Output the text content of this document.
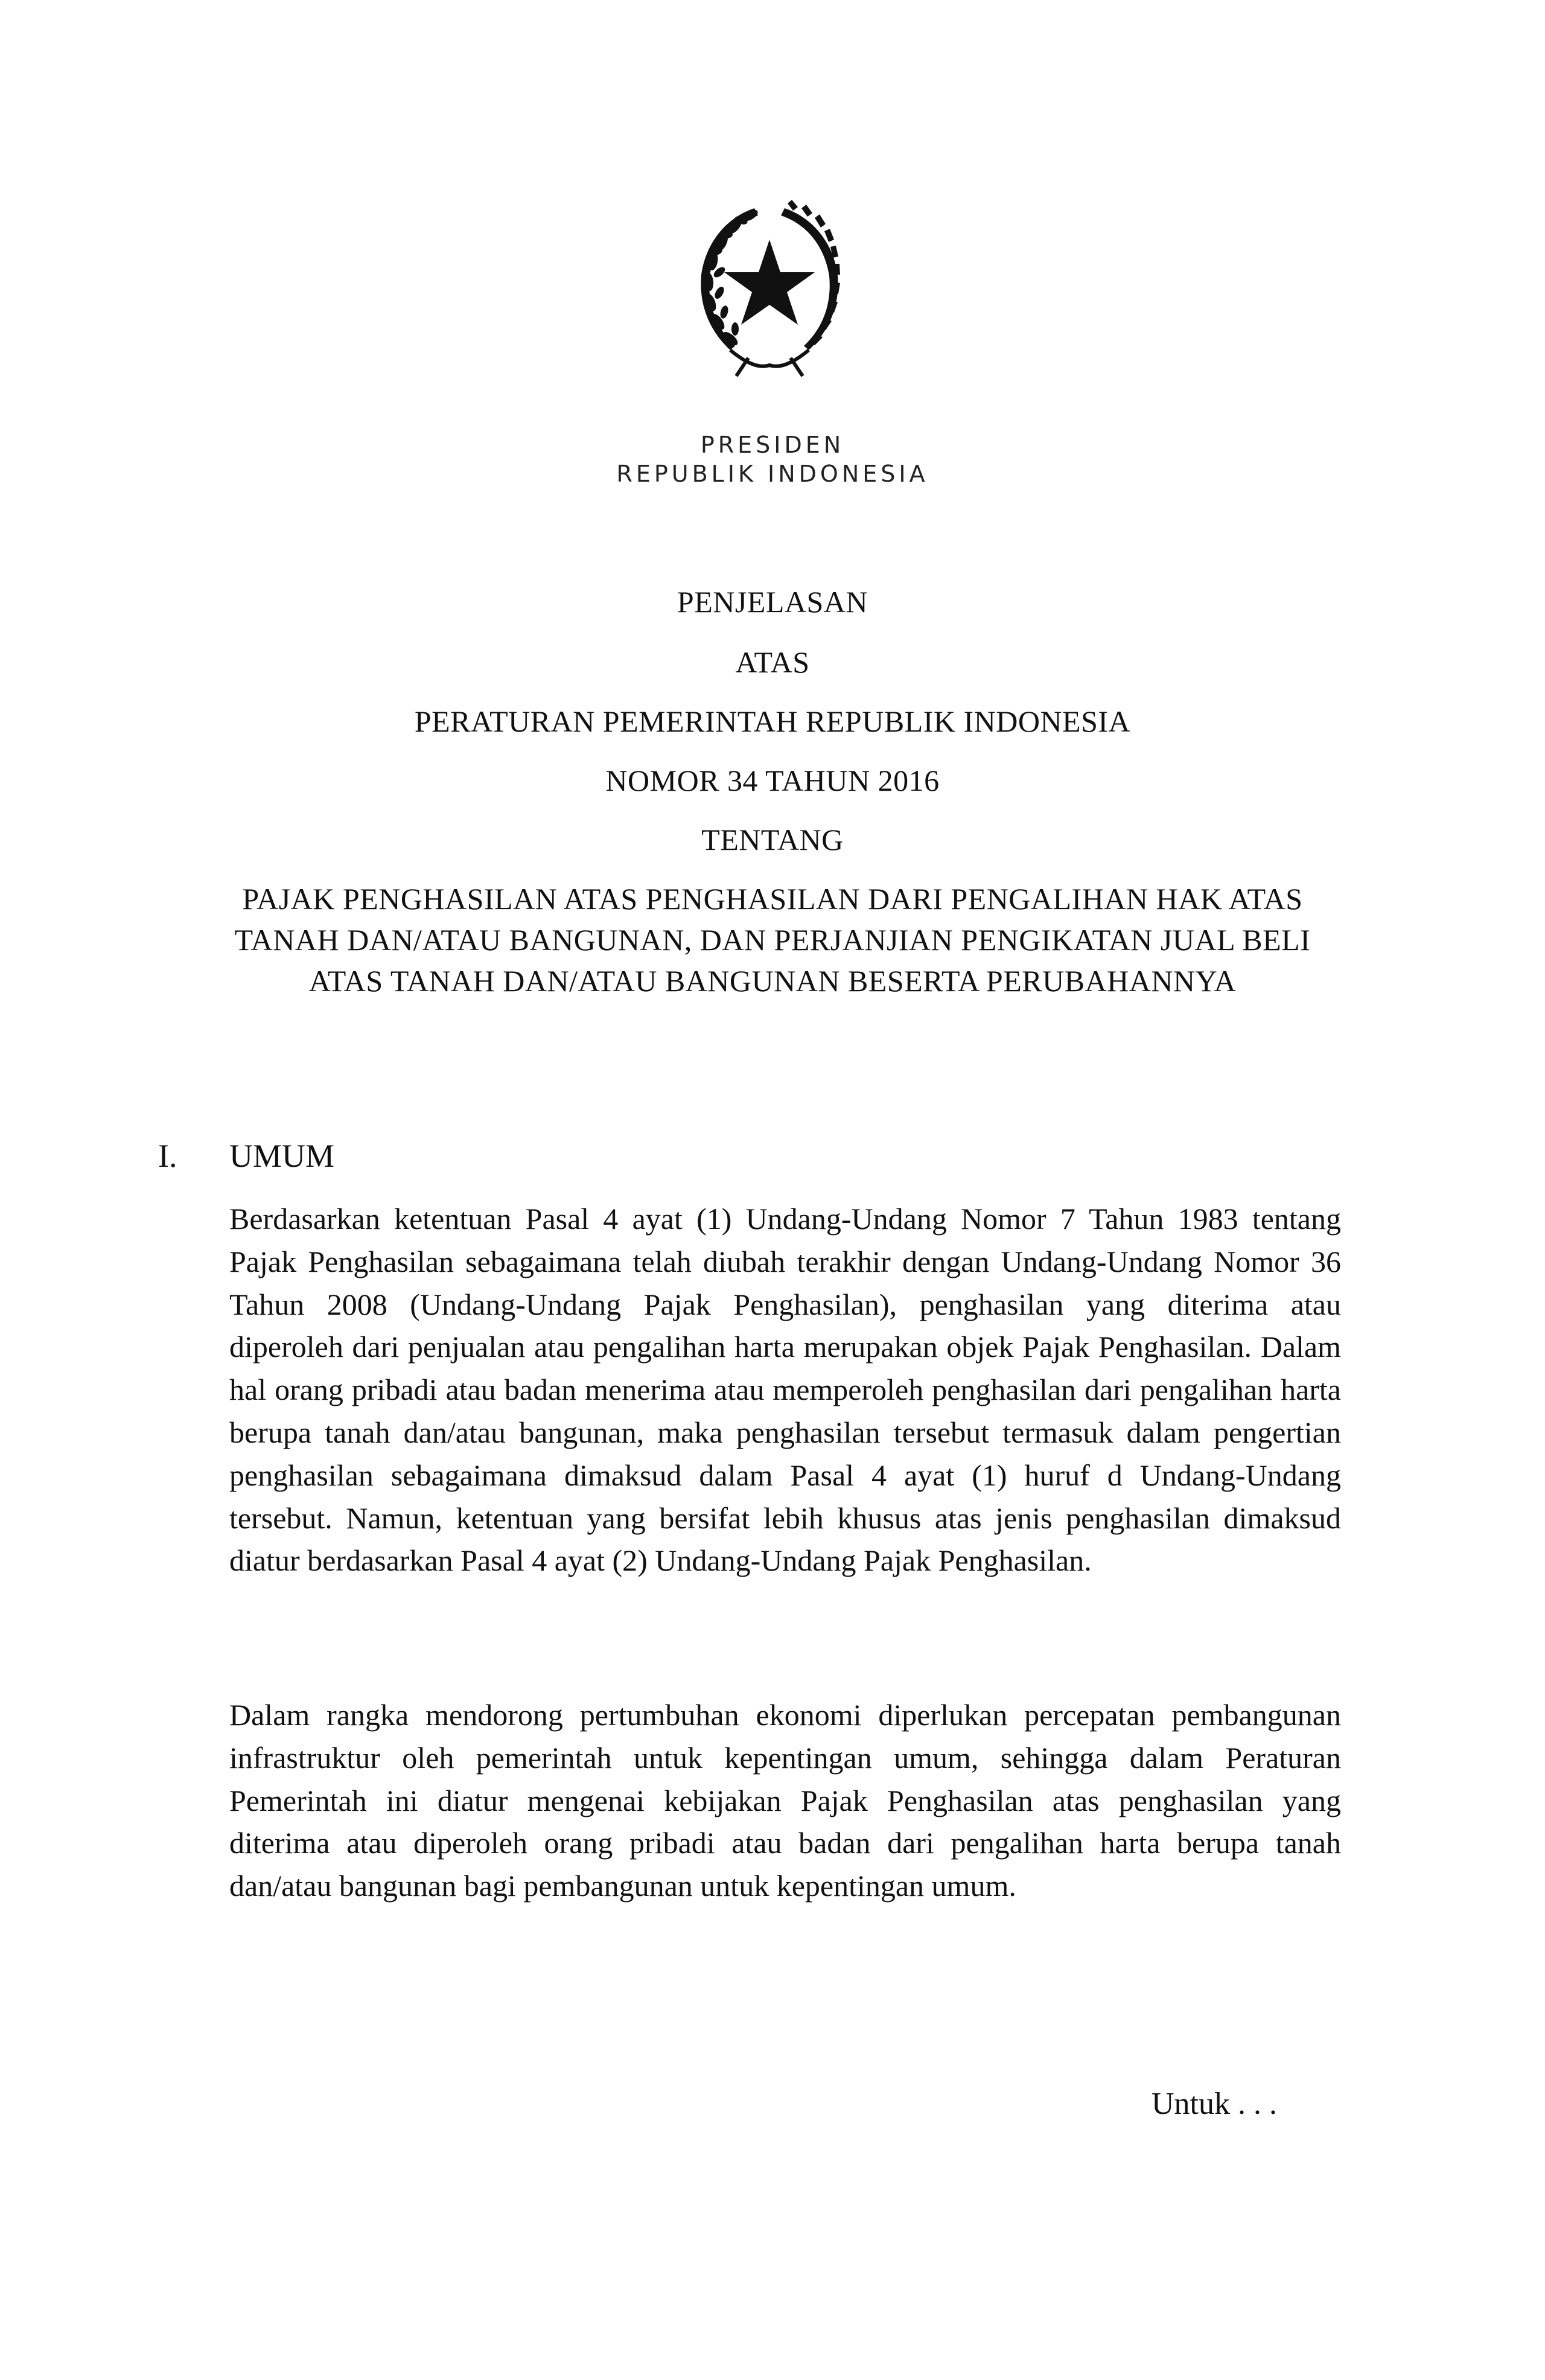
PRESIDEN
REPUBLIK INDONESIA
PENJELASAN
ATAS
PERATURAN PEMERINTAH REPUBLIK INDONESIA
NOMOR 34 TAHUN 2016
TENTANG
PAJAK PENGHASILAN ATAS PENGHASILAN DARI PENGALIHAN HAK ATAS
TANAH DAN/ATAU BANGUNAN, DAN PERJANJIAN PENGIKATAN JUAL BELI
ATAS TANAH DAN/ATAU BANGUNAN BESERTA PERUBAHANNYA
I. UMUM

Berdasarkan ketentuan Pasal 4 ayat (1) Undang-Undang Nomor 7 Tahun 1983 tentang Pajak Penghasilan sebagaimana telah diubah terakhir dengan Undang-Undang Nomor 36 Tahun 2008 (Undang-Undang Pajak Penghasilan), penghasilan yang diterima atau diperoleh dari penjualan atau pengalihan harta merupakan objek Pajak Penghasilan. Dalam hal orang pribadi atau badan menerima atau memperoleh penghasilan dari pengalihan harta berupa tanah dan/atau bangunan, maka penghasilan tersebut termasuk dalam pengertian penghasilan sebagaimana dimaksud dalam Pasal 4 ayat (1) huruf d Undang-Undang tersebut. Namun, ketentuan yang bersifat lebih khusus atas jenis penghasilan dimaksud diatur berdasarkan Pasal 4 ayat (2) Undang-Undang Pajak Penghasilan.

Dalam rangka mendorong pertumbuhan ekonomi diperlukan percepatan pembangunan infrastruktur oleh pemerintah untuk kepentingan umum, sehingga dalam Peraturan Pemerintah ini diatur mengenai kebijakan Pajak Penghasilan atas penghasilan yang diterima atau diperoleh orang pribadi atau badan dari pengalihan harta berupa tanah dan/atau bangunan bagi pembangunan untuk kepentingan umum.

Untuk . . .
